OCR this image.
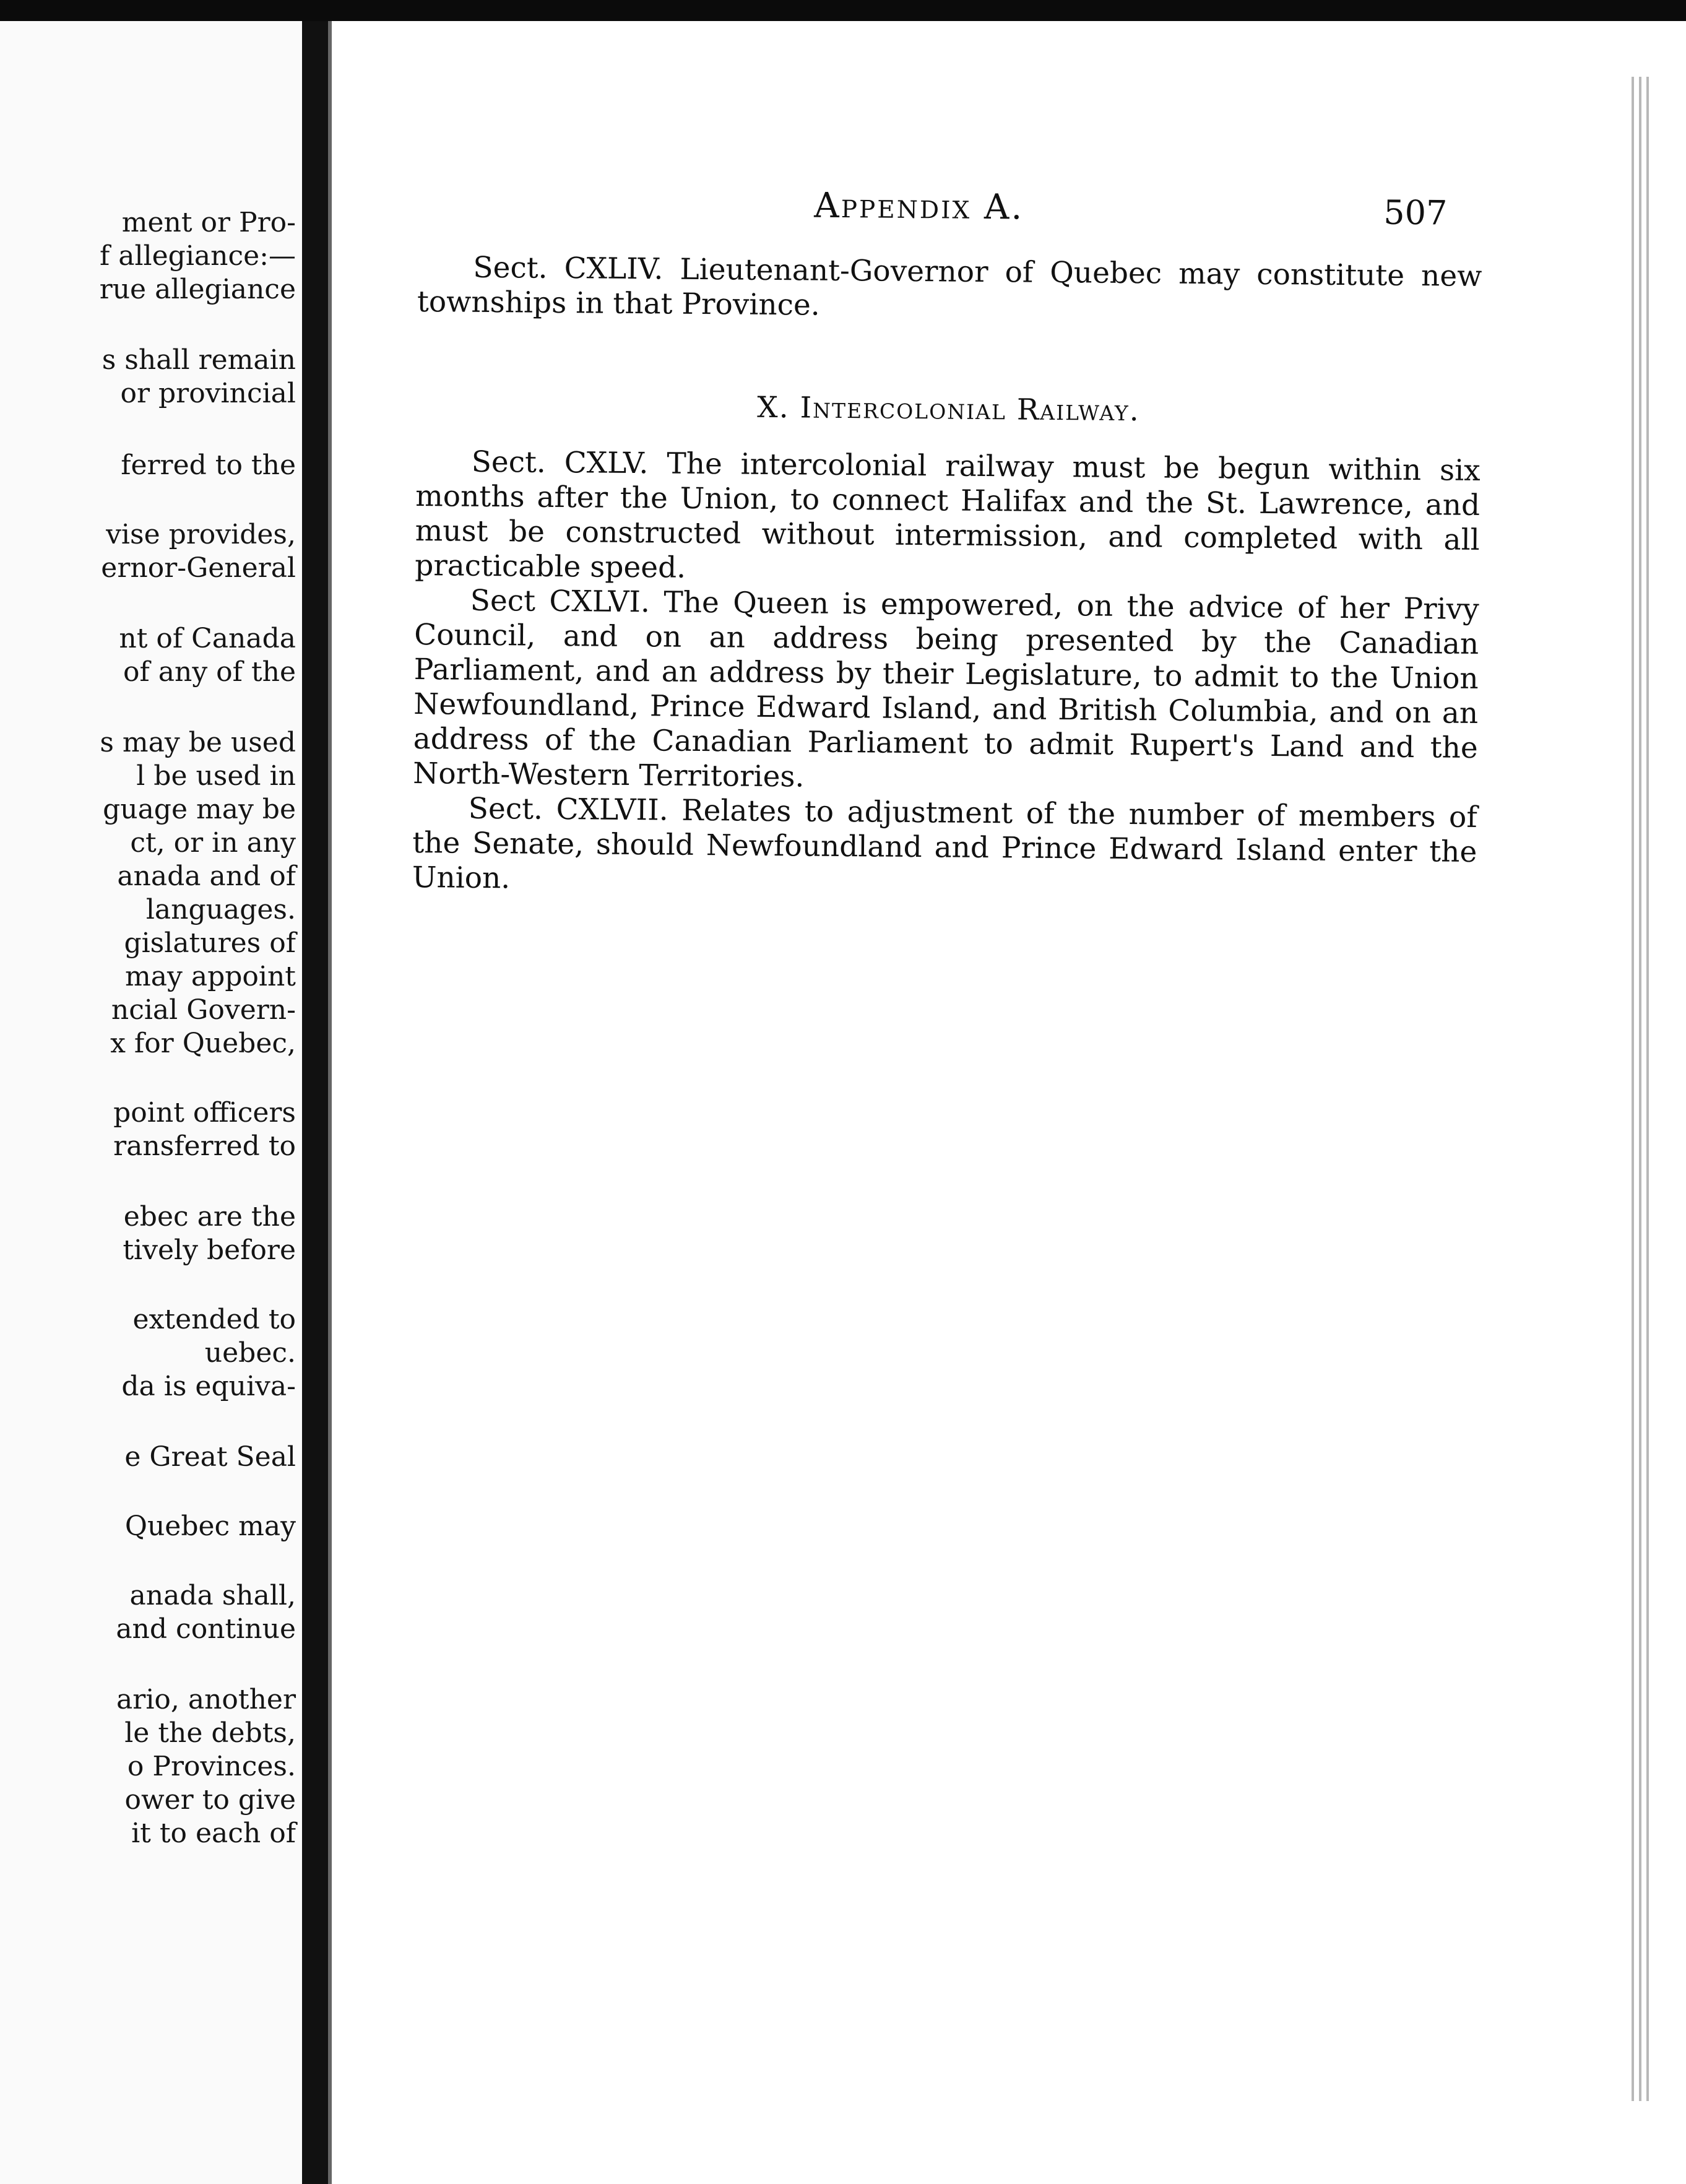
ment or Pro-
f allegiance:—
rue allegiance
s shall remain
or provincial
ferred to the
vise provides,
ernor-General
nt of Canada
of any of the
s may be used
l be used in
guage may be
ct, or in any
anada and of
languages.
gislatures of
may appoint
ncial Govern-
x for Quebec,
point officers
ransferred to
ebec are the
tively before
extended to
uebec.
da is equiva-
e Great Seal
Quebec may
anada shall,
and continue
ario, another
le the debts,
o Provinces.
ower to give
it to each of
Appendix A.	507

Sect. CXLIV. Lieutenant-Governor of Quebec may constitute new townships in that Province.

X. Intercolonial Railway.

Sect. CXLV. The intercolonial railway must be begun within six months after the Union, to connect Halifax and the St. Lawrence, and must be constructed without intermission, and completed with all practicable speed.

Sect CXLVI. The Queen is empowered, on the advice of her Privy Council, and on an address being presented by the Canadian Parliament, and an address by their Legislature, to admit to the Union Newfoundland, Prince Edward Island, and British Columbia, and on an address of the Canadian Parliament to admit Rupert's Land and the North-Western Territories.

Sect. CXLVII. Relates to adjustment of the number of members of the Senate, should Newfoundland and Prince Edward Island enter the Union.
